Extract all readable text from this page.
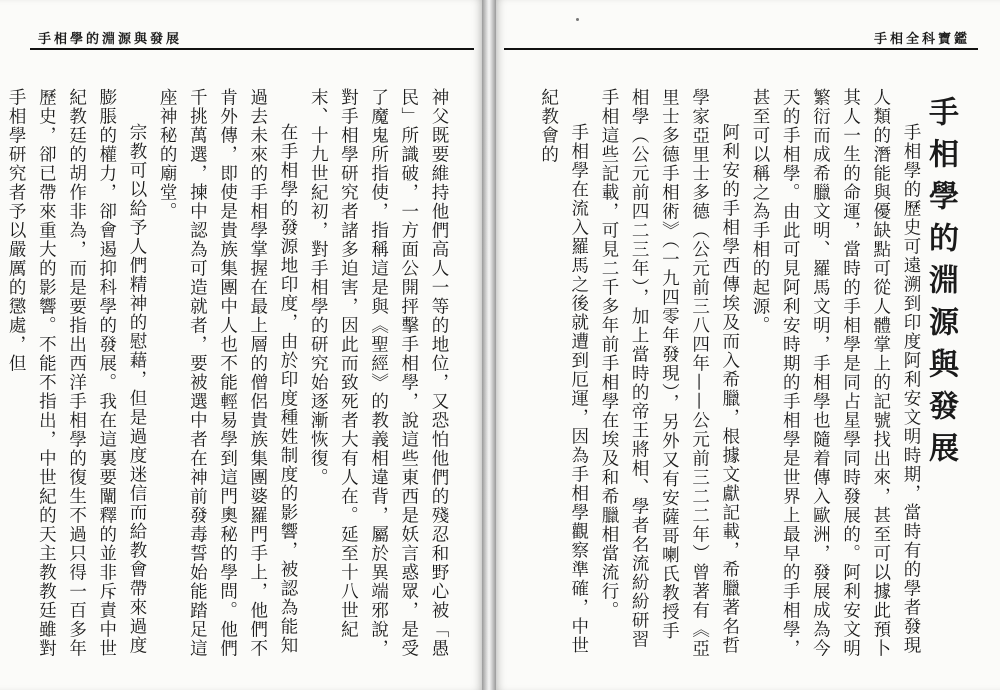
手相學的淵源與發展

神父既要維持他們高人一等的地位，又恐怕他們的殘忍和野心被「愚民」所識破，一方面公開抨擊手相學，說這些東西是妖言惑眾，是受了魔鬼所指使，指稱這是與《聖經》的教義相違背，屬於異端邪說，對手相學研究者諸多迫害，因此而致死者大有人在。延至十八世紀末、十九世紀初，對手相學的研究始逐漸恢復。

在手相學的發源地印度，由於印度種姓制度的影響，被認為能知過去未來的手相學掌握在最上層的僧侶貴族集團婆羅門手上，他們不肯外傳，即使是貴族集團中人也不能輕易學到這門奧秘的學問。他們千挑萬選，揀中認為可造就者，要被選中者在神前發毒誓始能踏足這座神秘的廟堂。

宗教可以給予人們精神的慰藉，但是過度迷信而給教會帶來過度膨脹的權力，卻會遏抑科學的發展。我在這裏要闡釋的並非斥責中世紀教廷的胡作非為，而是要指出西洋手相學的復生不過只得一百多年歷史，卻已帶來重大的影響。不能不指出，中世紀的天主教教廷雖對手相學研究者予以嚴厲的懲處，但

手相全科寶鑑
手相學的淵源與發展

手相學的歷史可遠溯到印度阿利安文明時期，當時有的學者發現人類的潛能與優缺點可從人體掌上的記號找出來，甚至可以據此預卜其人一生的命運，當時的手相學是同占星學同時發展的。阿利安文明繁衍而成希臘文明、羅馬文明，手相學也隨着傳入歐洲，發展成為今天的手相學。由此可見阿利安時期的手相學是世界上最早的手相學，甚至可以稱之為手相的起源。

阿利安的手相學西傳埃及而入希臘，根據文獻記載，希臘著名哲學家亞里士多德（公元前三八四年——公元前三二二年）曾著有《亞里士多德手相術》（一九四零年發現），另外又有安薩哥喇氏教授手相學（公元前四二三年），加上當時的帝王將相、學者名流紛紛研習手相這些記載，可見二千多年前手相學在埃及和希臘相當流行。

手相學在流入羅馬之後就遭到厄運，因為手相學觀察準確，中世紀教會的
